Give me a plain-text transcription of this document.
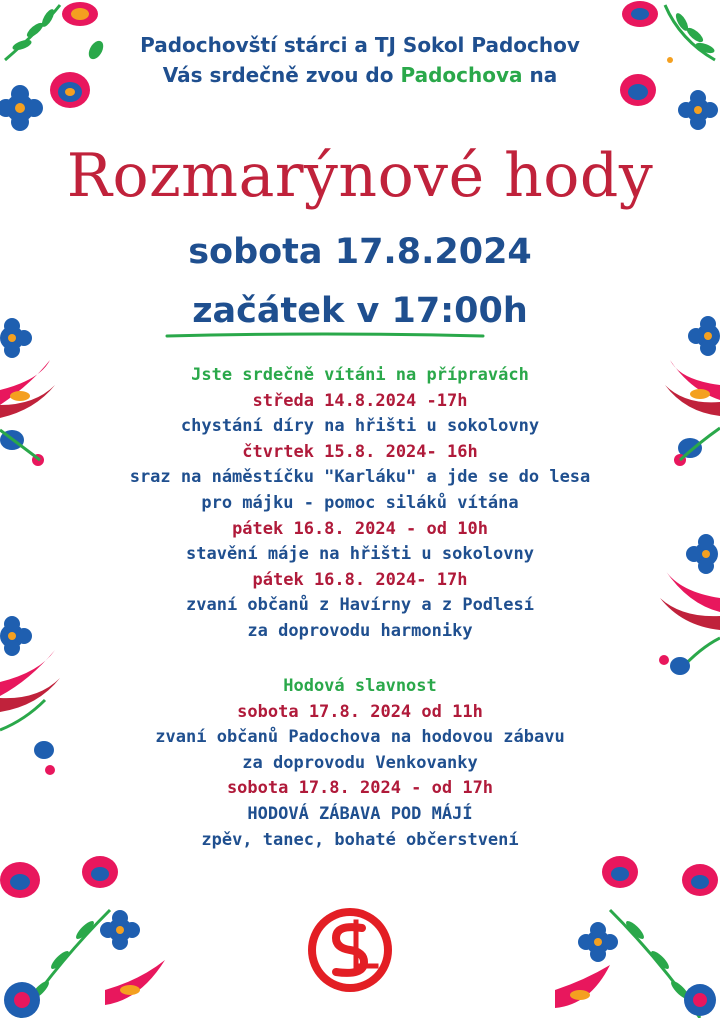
Padochovští stárci a TJ Sokol Padochov
Vás srdečně zvou do Padochova na
Rozmarýnové hody
sobota 17.8.2024
začátek v 17:00h
Jste srdečně vítáni na přípravách
středa 14.8.2024 -17h
chystání díry na hřišti u sokolovny
čtvrtek 15.8. 2024- 16h
sraz na náměstíčku "Karláku" a jde se do lesa
pro májku - pomoc siláků vítána
pátek 16.8. 2024 - od 10h
stavění máje na hřišti u sokolovny
pátek 16.8. 2024- 17h
zvaní občanů z Havírny a z Podlesí
za doprovodu harmoniky
Hodová slavnost
sobota 17.8. 2024 od 11h
zvaní občanů Padochova na hodovou zábavu
za doprovodu Venkovanky
sobota 17.8. 2024 - od 17h
HODOVÁ ZÁBAVA POD MÁJÍ
zpěv, tanec, bohaté občerstvení
